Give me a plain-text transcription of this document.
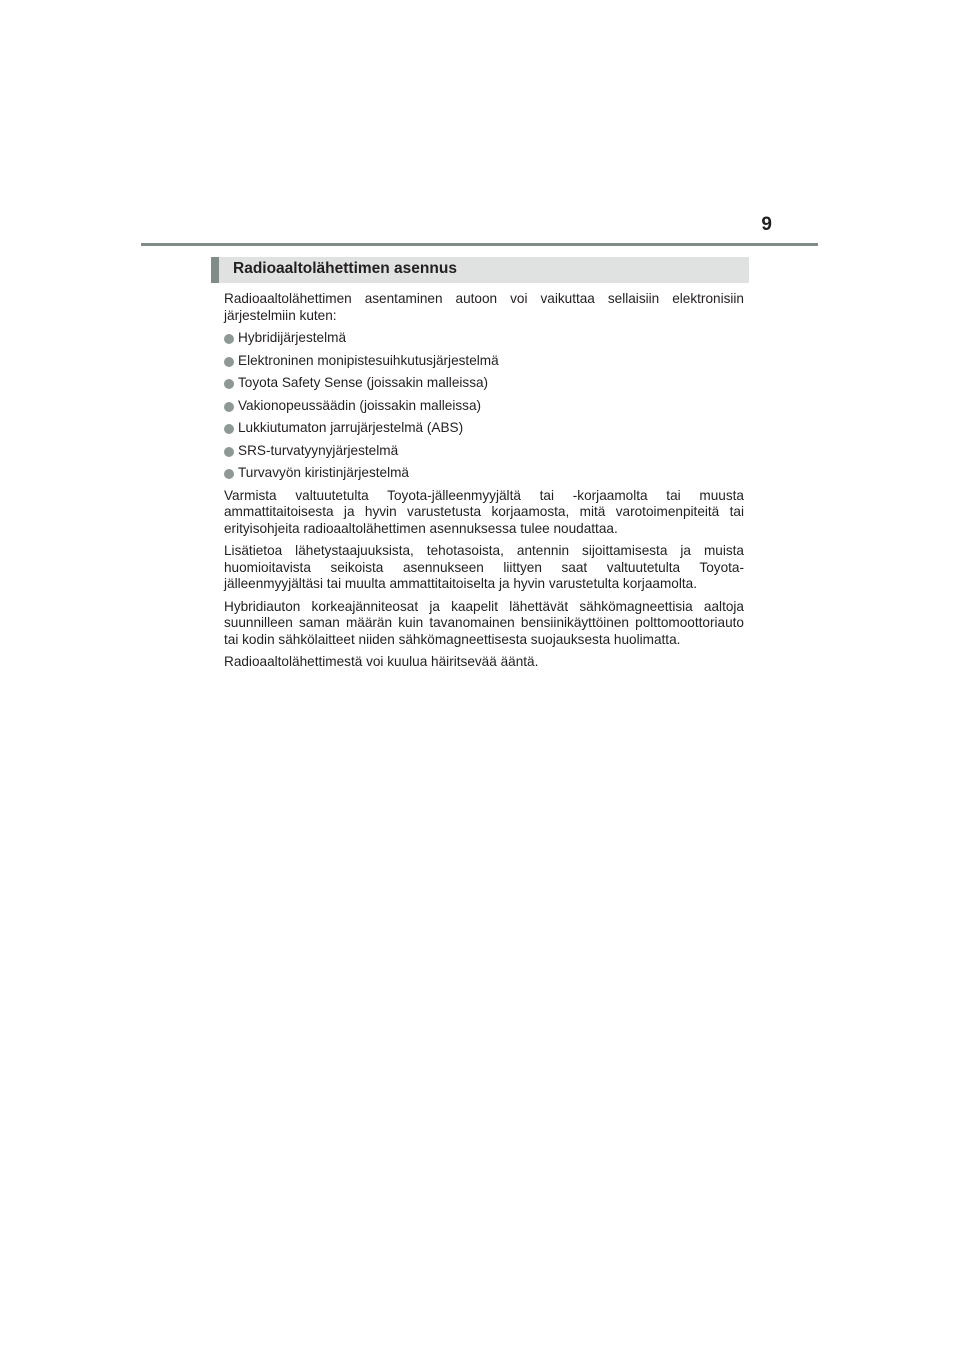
9
Radioaaltolähettimen asennus

Radioaaltolähettimen asentaminen autoon voi vaikuttaa sellaisiin elektronisiin järjestelmiin kuten:

Hybridijärjestelmä
Elektroninen monipistesuihkutusjärjestelmä
Toyota Safety Sense (joissakin malleissa)
Vakionopeussäädin (joissakin malleissa)
Lukkiutumaton jarrujärjestelmä (ABS)
SRS-turvatyynyjärjestelmä
Turvavyön kiristinjärjestelmä

Varmista valtuutetulta Toyota-jälleenmyyjältä tai -korjaamolta tai muusta ammattitaitoisesta ja hyvin varustetusta korjaamosta, mitä varotoimenpiteitä tai erityisohjeita radioaaltolähettimen asennuksessa tulee noudattaa.

Lisätietoa lähetystaajuuksista, tehotasoista, antennin sijoittamisesta ja muista huomioitavista seikoista asennukseen liittyen saat valtuutetulta Toyota-jälleenmyyjältäsi tai muulta ammattitaitoiselta ja hyvin varustetulta korjaamolta.

Hybridiauton korkeajänniteosat ja kaapelit lähettävät sähkömagneettisia aaltoja suunnilleen saman määrän kuin tavanomainen bensiinikäyttöinen polttomoottoriauto tai kodin sähkölaitteet niiden sähkömagneettisesta suojauksesta huolimatta.

Radioaaltolähettimestä voi kuulua häiritsevää ääntä.
